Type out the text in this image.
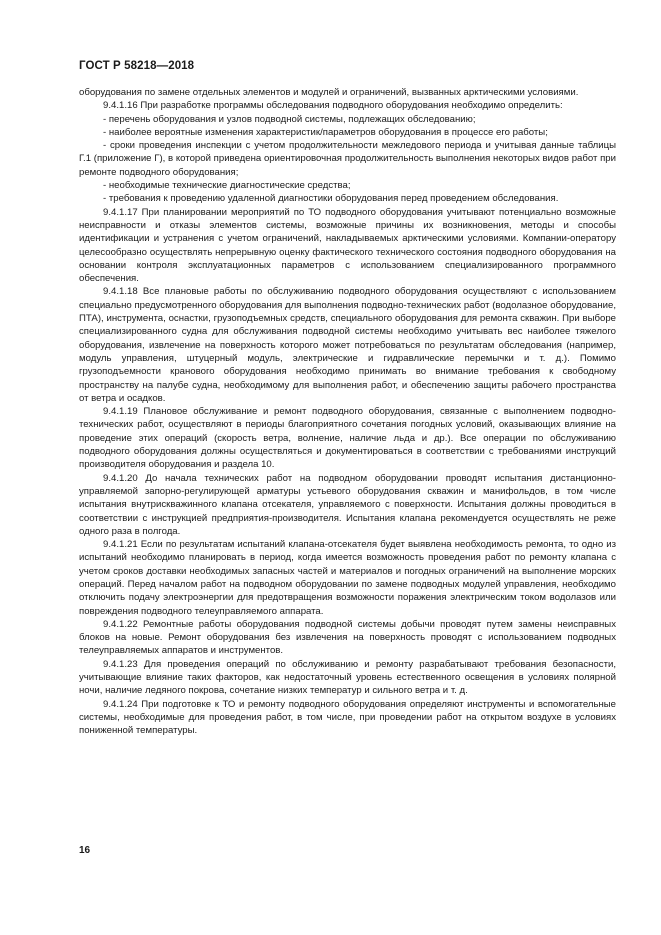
ГОСТ Р 58218—2018

оборудования по замене отдельных элементов и модулей и ограничений, вызванных арктическими условиями.

9.4.1.16 При разработке программы обследования подводного оборудования необходимо определить:

- перечень оборудования и узлов подводной системы, подлежащих обследованию;

- наиболее вероятные изменения характеристик/параметров оборудования в процессе его работы;

- сроки проведения инспекции с учетом продолжительности межледового периода и учитывая данные таблицы Г.1 (приложение Г), в которой приведена ориентировочная продолжительность выполнения некоторых видов работ при ремонте подводного оборудования;

- необходимые технические диагностические средства;

- требования к проведению удаленной диагностики оборудования перед проведением обследования.

9.4.1.17 При планировании мероприятий по ТО подводного оборудования учитывают потенциально возможные неисправности и отказы элементов системы, возможные причины их возникновения, методы и способы идентификации и устранения с учетом ограничений, накладываемых арктическими условиями. Компании-оператору целесообразно осуществлять непрерывную оценку фактического технического состояния подводного оборудования на основании контроля эксплуатационных параметров с использованием специализированного программного обеспечения.

9.4.1.18 Все плановые работы по обслуживанию подводного оборудования осуществляют с использованием специально предусмотренного оборудования для выполнения подводно-технических работ (водолазное оборудование, ПТА), инструмента, оснастки, грузоподъемных средств, специального оборудования для ремонта скважин. При выборе специализированного судна для обслуживания подводной системы необходимо учитывать вес наиболее тяжелого оборудования, извлечение на поверхность которого может потребоваться по результатам обследования (например, модуль управления, штуцерный модуль, электрические и гидравлические перемычки и т. д.). Помимо грузоподъемности кранового оборудования необходимо принимать во внимание требования к свободному пространству на палубе судна, необходимому для выполнения работ, и обеспечению защиты рабочего пространства от ветра и осадков.

9.4.1.19 Плановое обслуживание и ремонт подводного оборудования, связанные с выполнением подводно-технических работ, осуществляют в периоды благоприятного сочетания погодных условий, оказывающих влияние на проведение этих операций (скорость ветра, волнение, наличие льда и др.). Все операции по обслуживанию подводного оборудования должны осуществляться и документироваться в соответствии с требованиями инструкций производителя оборудования и раздела 10.

9.4.1.20 До начала технических работ на подводном оборудовании проводят испытания дистанционно-управляемой запорно-регулирующей арматуры устьевого оборудования скважин и манифольдов, в том числе испытания внутрискважинного клапана отсекателя, управляемого с поверхности. Испытания должны проводиться в соответствии с инструкцией предприятия-производителя. Испытания клапана рекомендуется осуществлять не реже одного раза в полгода.

9.4.1.21 Если по результатам испытаний клапана-отсекателя будет выявлена необходимость ремонта, то одно из испытаний необходимо планировать в период, когда имеется возможность проведения работ по ремонту клапана с учетом сроков доставки необходимых запасных частей и материалов и погодных ограничений на выполнение морских операций. Перед началом работ на подводном оборудовании по замене подводных модулей управления, необходимо отключить подачу электроэнергии для предотвращения возможности поражения электрическим током водолазов или повреждения подводного телеуправляемого аппарата.

9.4.1.22 Ремонтные работы оборудования подводной системы добычи проводят путем замены неисправных блоков на новые. Ремонт оборудования без извлечения на поверхность проводят с использованием подводных телеуправляемых аппаратов и инструментов.

9.4.1.23 Для проведения операций по обслуживанию и ремонту разрабатывают требования безопасности, учитывающие влияние таких факторов, как недостаточный уровень естественного освещения в условиях полярной ночи, наличие ледяного покрова, сочетание низких температур и сильного ветра и т. д.

9.4.1.24 При подготовке к ТО и ремонту подводного оборудования определяют инструменты и вспомогательные системы, необходимые для проведения работ, в том числе, при проведении работ на открытом воздухе в условиях пониженной температуры.

16
